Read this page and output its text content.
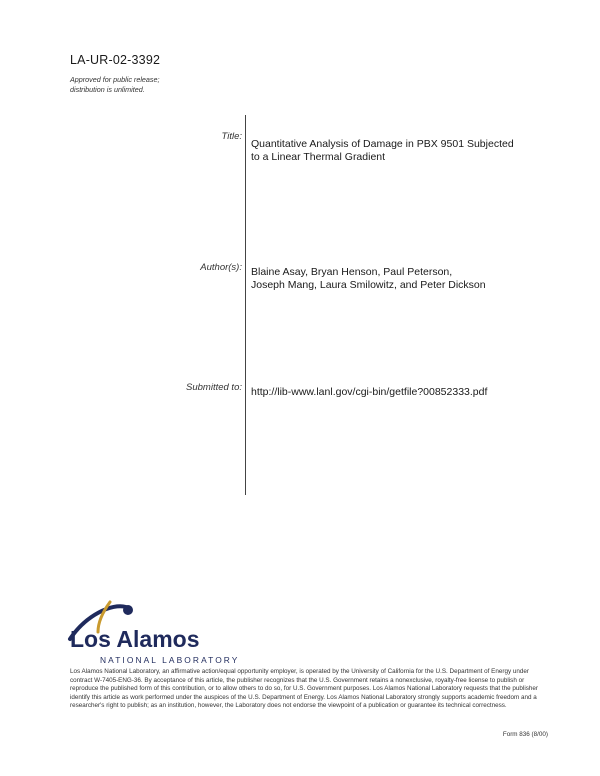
LA-UR-02-3392
Approved for public release;
distribution is unlimited.
Title:
Quantitative Analysis of Damage in PBX 9501 Subjected
to a Linear Thermal Gradient
Author(s): Blaine Asay, Bryan Henson, Paul Peterson,
Joseph Mang, Laura Smilowitz, and Peter Dickson
Submitted to: http://lib-www.lanl.gov/cgi-bin/getfile?00852333.pdf
Los Alamos
NATIONAL LABORATORY
Los Alamos National Laboratory, an affirmative action/equal opportunity employer, is operated by the University of California for the U.S. Department of Energy under contract W-7405-ENG-36. By acceptance of this article, the publisher recognizes that the U.S. Government retains a nonexclusive, royalty-free license to publish or reproduce the published form of this contribution, or to allow others to do so, for U.S. Government purposes. Los Alamos National Laboratory requests that the publisher identify this article as work performed under the auspices of the U.S. Department of Energy. Los Alamos National Laboratory strongly supports academic freedom and a researcher's right to publish; as an institution, however, the Laboratory does not endorse the viewpoint of a publication or guarantee its technical correctness.
Form 836 (8/00)
